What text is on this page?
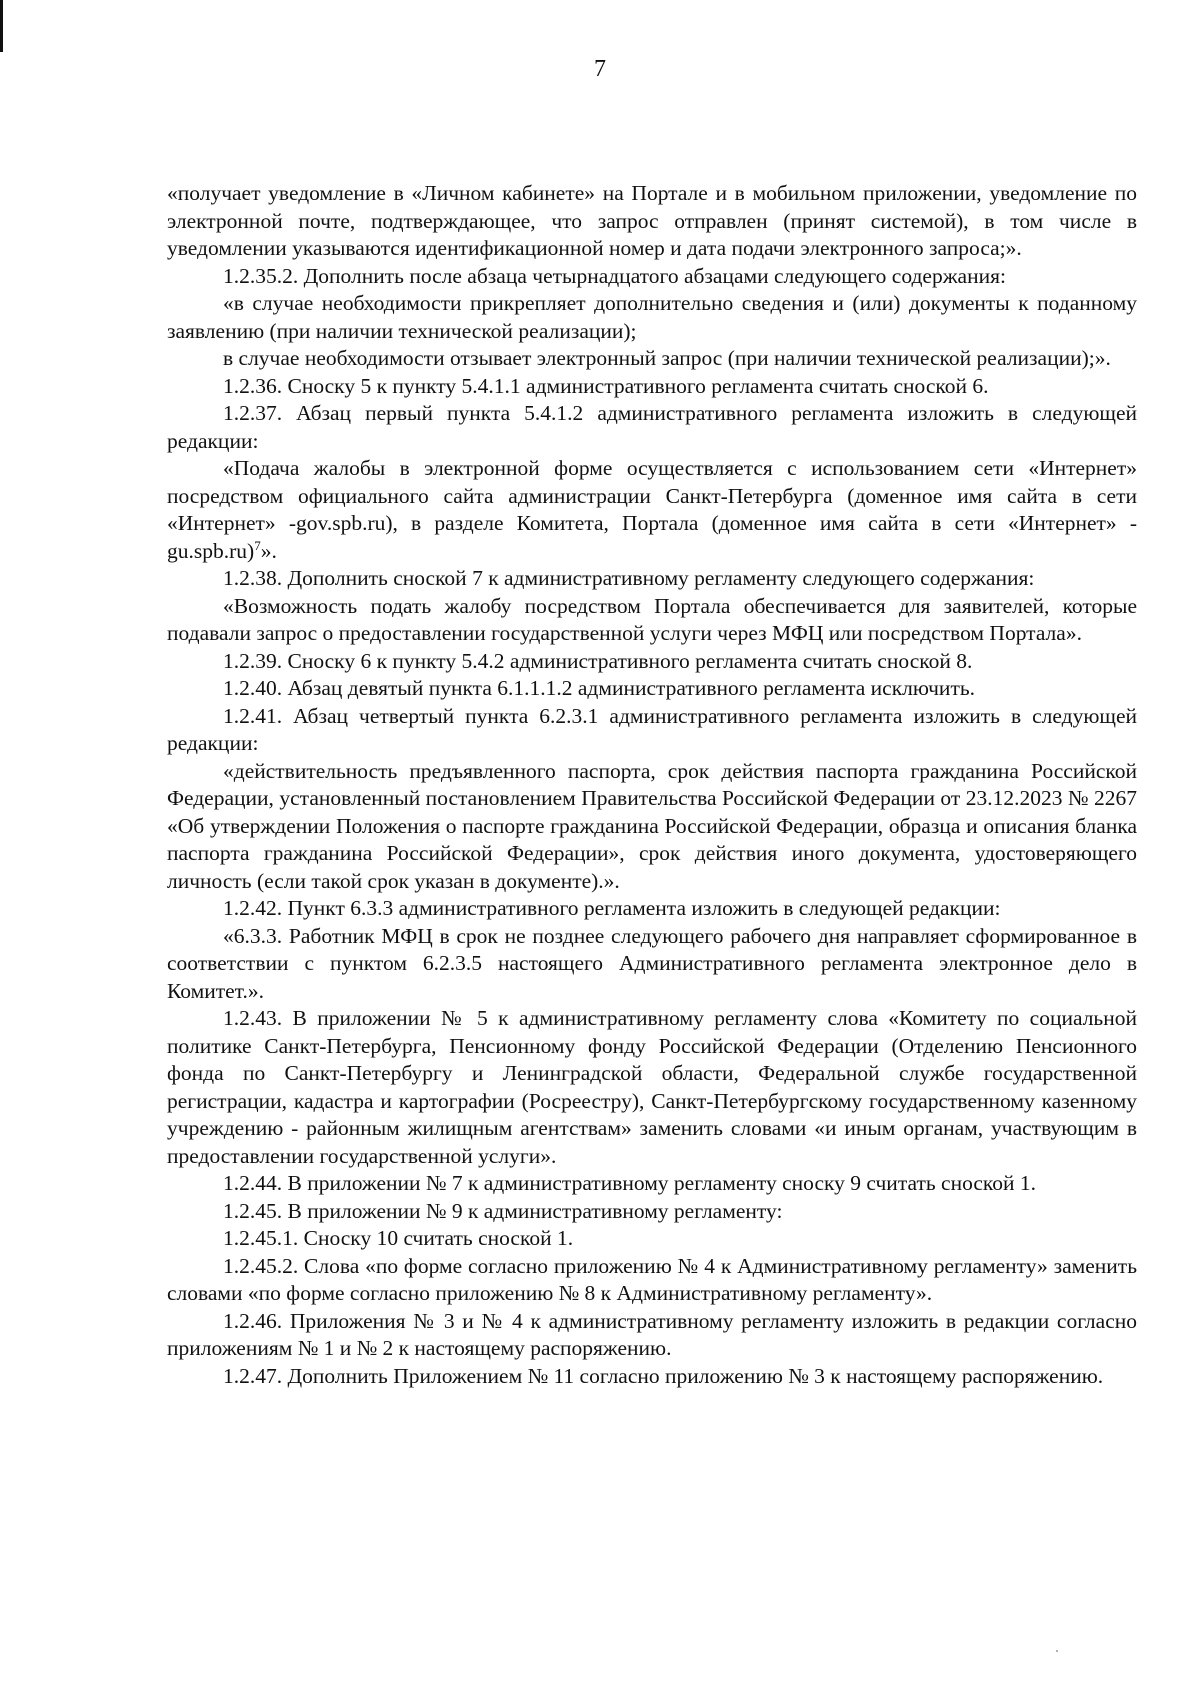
7

«получает уведомление в «Личном кабинете» на Портале и в мобильном приложении, уведомление по электронной почте, подтверждающее, что запрос отправлен (принят системой), в том числе в уведомлении указываются идентификационной номер и дата подачи электронного запроса;».

1.2.35.2. Дополнить после абзаца четырнадцатого абзацами следующего содержания:

«в случае необходимости прикрепляет дополнительно сведения и (или) документы к поданному заявлению (при наличии технической реализации);

в случае необходимости отзывает электронный запрос (при наличии технической реализации);».

1.2.36. Сноску 5 к пункту 5.4.1.1 административного регламента считать сноской 6.

1.2.37. Абзац первый пункта 5.4.1.2 административного регламента изложить в следующей редакции:

«Подача жалобы в электронной форме осуществляется с использованием сети «Интернет» посредством официального сайта администрации Санкт-Петербурга (доменное имя сайта в сети «Интернет» -gov.spb.ru), в разделе Комитета, Портала (доменное имя сайта в сети «Интернет» -gu.spb.ru)$^7$».

1.2.38. Дополнить сноской 7 к административному регламенту следующего содержания:

«Возможность подать жалобу посредством Портала обеспечивается для заявителей, которые подавали запрос о предоставлении государственной услуги через МФЦ или посредством Портала».

1.2.39. Сноску 6 к пункту 5.4.2 административного регламента считать сноской 8.

1.2.40. Абзац девятый пункта 6.1.1.1.2 административного регламента исключить.

1.2.41. Абзац четвертый пункта 6.2.3.1 административного регламента изложить в следующей редакции:

«действительность предъявленного паспорта, срок действия паспорта гражданина Российской Федерации, установленный постановлением Правительства Российской Федерации от 23.12.2023 № 2267 «Об утверждении Положения о паспорте гражданина Российской Федерации, образца и описания бланка паспорта гражданина Российской Федерации», срок действия иного документа, удостоверяющего личность (если такой срок указан в документе).».

1.2.42. Пункт 6.3.3 административного регламента изложить в следующей редакции:

«6.3.3. Работник МФЦ в срок не позднее следующего рабочего дня направляет сформированное в соответствии с пунктом 6.2.3.5 настоящего Административного регламента электронное дело в Комитет.».

1.2.43. В приложении № 5 к административному регламенту слова «Комитету по социальной политике Санкт-Петербурга, Пенсионному фонду Российской Федерации (Отделению Пенсионного фонда по Санкт-Петербургу и Ленинградской области, Федеральной службе государственной регистрации, кадастра и картографии (Росреестру), Санкт-Петербургскому государственному казенному учреждению - районным жилищным агентствам» заменить словами «и иным органам, участвующим в предоставлении государственной услуги».

1.2.44. В приложении № 7 к административному регламенту сноску 9 считать сноской 1.

1.2.45. В приложении № 9 к административному регламенту:

1.2.45.1. Сноску 10 считать сноской 1.

1.2.45.2. Слова «по форме согласно приложению № 4 к Административному регламенту» заменить словами «по форме согласно приложению № 8 к Административному регламенту».

1.2.46. Приложения № 3 и № 4 к административному регламенту изложить в редакции согласно приложениям № 1 и № 2 к настоящему распоряжению.

1.2.47. Дополнить Приложением № 11 согласно приложению № 3 к настоящему распоряжению.
